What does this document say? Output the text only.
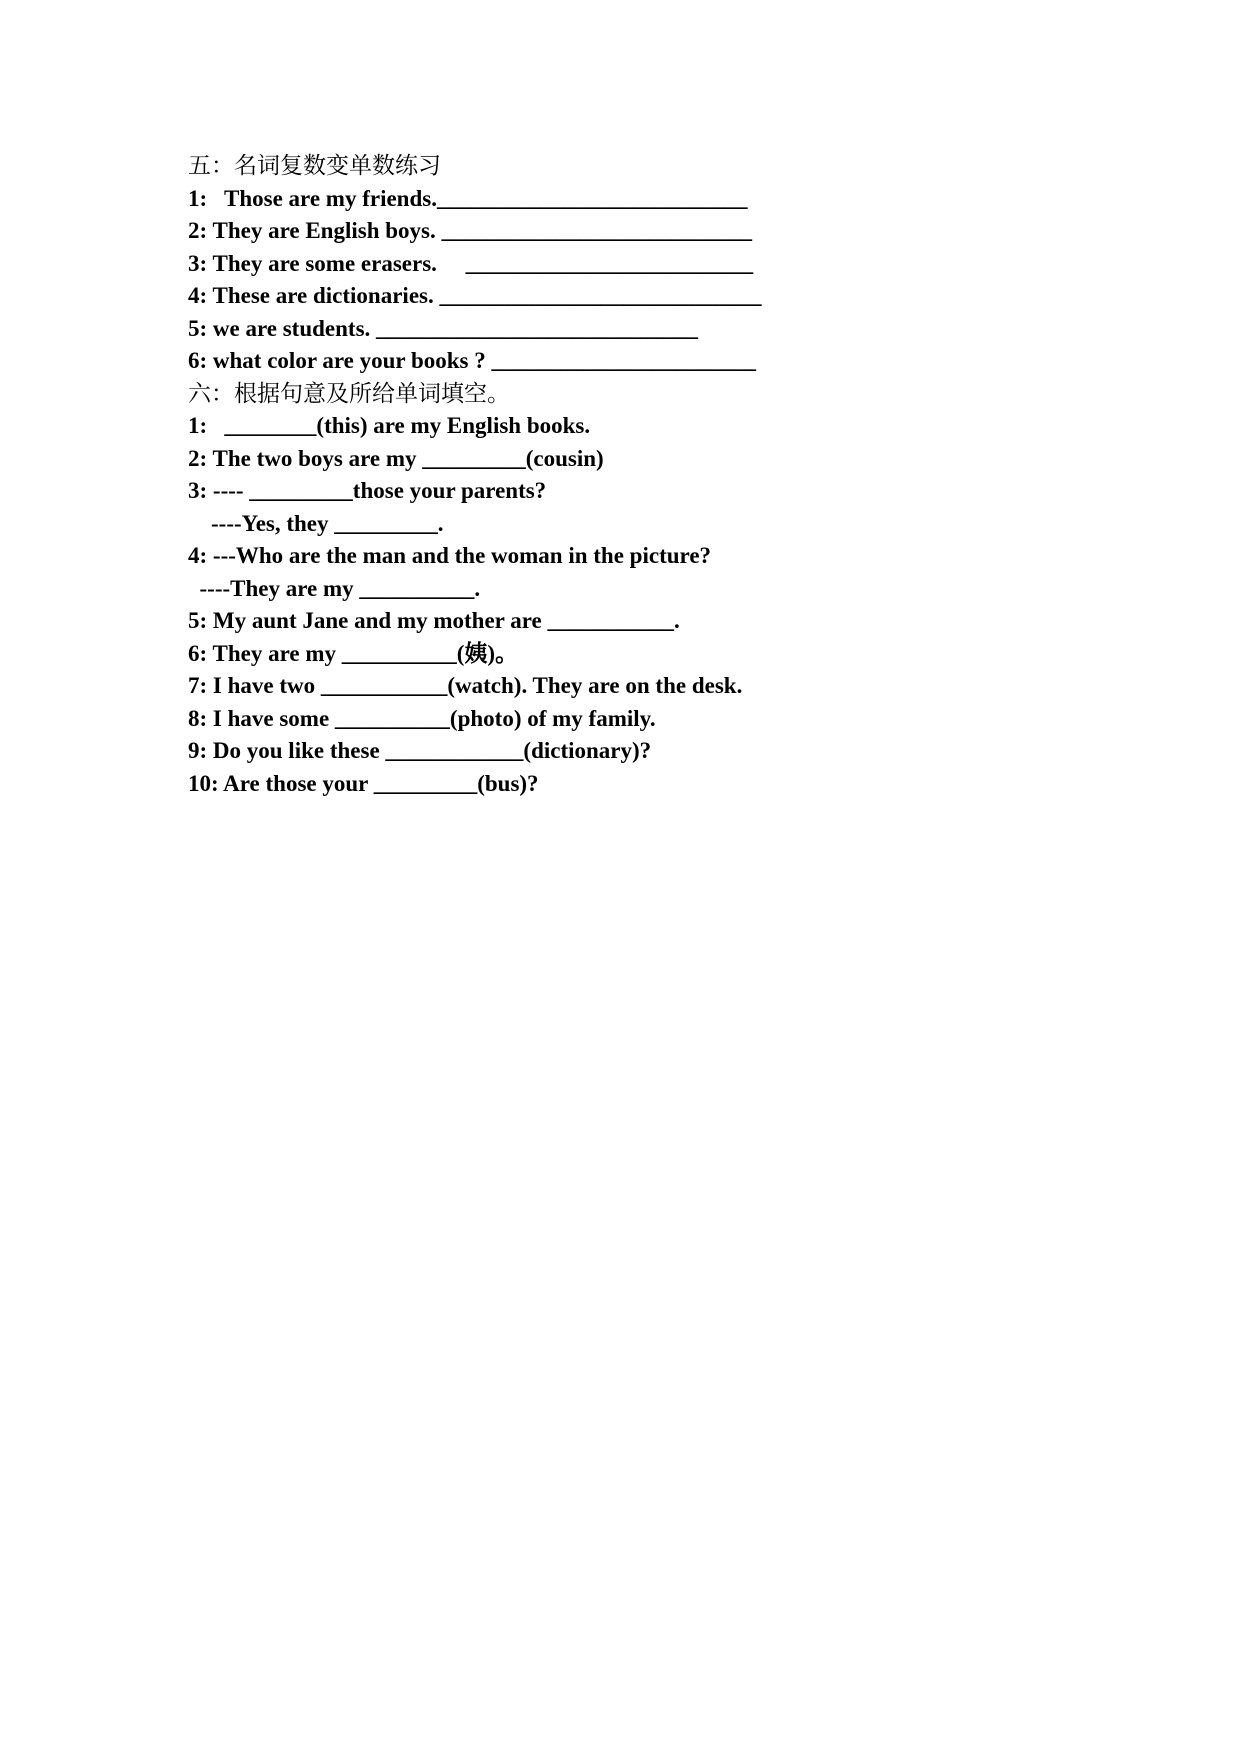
五：名词复数变单数练习
1:   Those are my friends.___________________________
2: They are English boys. ___________________________
3: They are some erasers.     _________________________
4: These are dictionaries. ____________________________
5: we are students. ____________________________
6: what color are your books ? _______________________
六：根据句意及所给单词填空。
1:   ________(this) are my English books.
2: The two boys are my _________(cousin)
3: ---- _________those your parents?
----Yes, they _________.
4: ---Who are the man and the woman in the picture?
----They are my __________.
5: My aunt Jane and my mother are ___________.
6: They are my __________(姨)。
7: I have two ___________(watch). They are on the desk.
8: I have some __________(photo) of my family.
9: Do you like these ____________(dictionary)?
10: Are those your _________(bus)?
